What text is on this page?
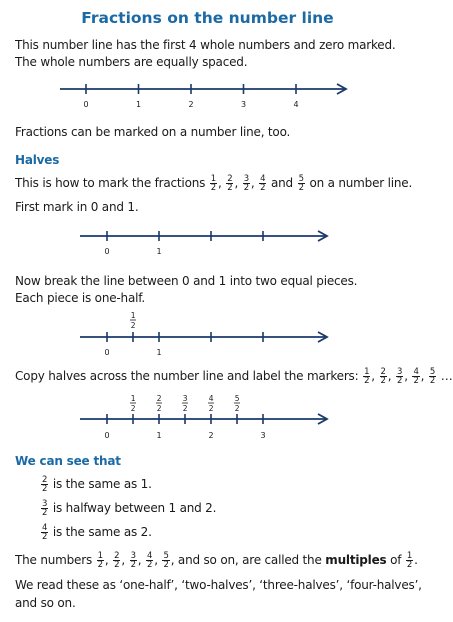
Fractions on the number line
This number line has the first 4 whole numbers and zero marked.
The whole numbers are equally spaced.
0	1	2	3	4
Fractions can be marked on a number line, too.
Halves
This is how to mark the fractions $\frac{1}{2}$ , $\frac{2}{2}$ , $\frac{3}{2}$ , $\frac{4}{2}$ and $\frac{5}{2}$ on a number line.
First mark in 0 and 1.
0	1
Now break the line between 0 and 1 into two equal pieces.
Each piece is one-half.
0	1
1
2
Copy halves across the number line and label the markers: $\frac{1}{2}$ , $\frac{2}{2}$ , $\frac{3}{2}$ , $\frac{4}{2}$ , $\frac{5}{2}$ …
0	1	2	3
1
2
2
2
3
2
4
2
5
2
We can see that
$\frac{2}{2}$ is the same as 1.
$\frac{3}{2}$ is halfway between 1 and 2.
$\frac{4}{2}$ is the same as 2.
The numbers $\frac{1}{2}$ , $\frac{2}{2}$ , $\frac{3}{2}$ , $\frac{4}{2}$ , $\frac{5}{2}$ , and so on, are called the multiples of $\frac{1}{2}$ .
We read these as ‘one-half’, ‘two-halves’, ‘three-halves’, ‘four-halves’,
and so on.
